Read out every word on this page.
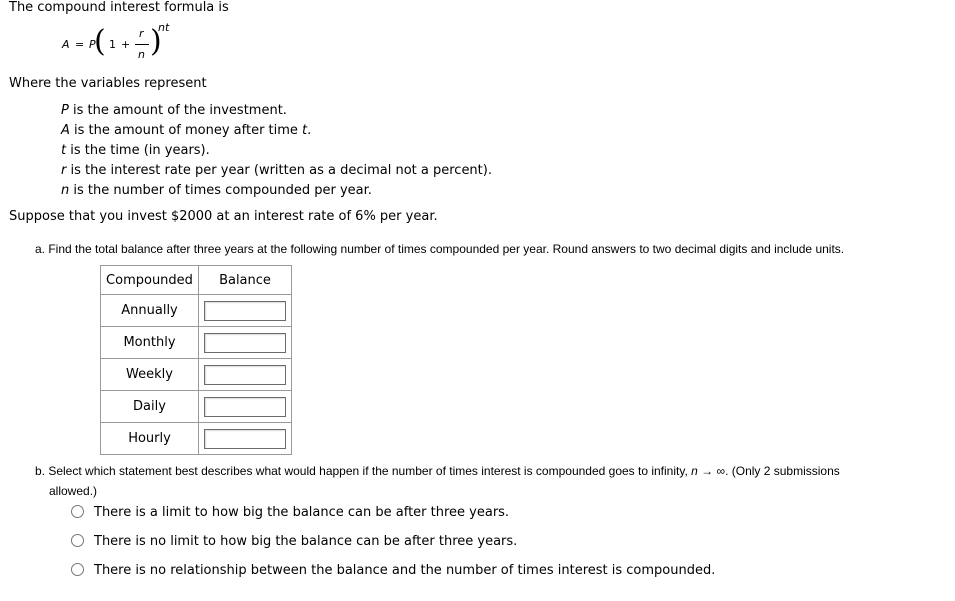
The compound interest formula is
A = P
( 1 +
r
n )
nt
Where the variables represent
P is the amount of the investment.
A is the amount of money after time t.
t is the time (in years).
r is the interest rate per year (written as a decimal not a percent).
n is the number of times compounded per year.
Suppose that you invest $2000 at an interest rate of 6% per year.
a. Find the total balance after three years at the following number of times compounded per year. Round answers to two decimal digits and include units.
Compounded	Balance
Annually	

Monthly	

Weekly	

Daily	

Hourly	
b. Select which statement best describes what would happen if the number of times interest is compounded goes to infinity, n → ∞. (Only 2 submissions
allowed.)
There is a limit to how big the balance can be after three years.
There is no limit to how big the balance can be after three years.
There is no relationship between the balance and the number of times interest is compounded.
